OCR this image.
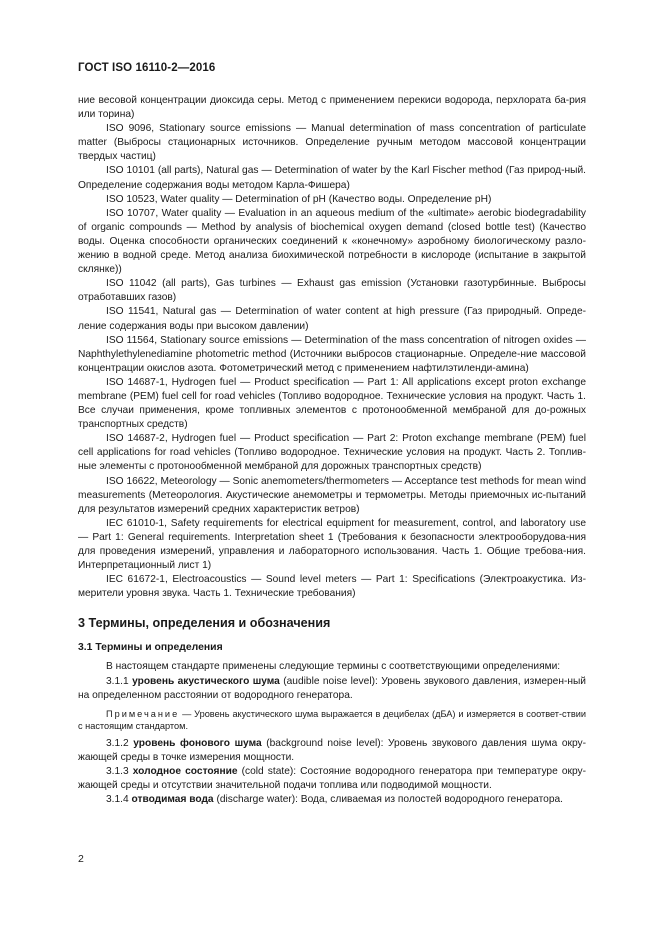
ГОСТ ISO 16110-2—2016

ние весовой концентрации диоксида серы. Метод с применением перекиси водорода, перхлората ба-рия или торина)

ISO 9096, Stationary source emissions — Manual determination of mass concentration of particulate matter (Выбросы стационарных источников. Определение ручным методом массовой концентрации твердых частиц)

ISO 10101 (all parts), Natural gas — Determination of water by the Karl Fischer method (Газ природ-ный. Определение содержания воды методом Карла-Фишера)

ISO 10523, Water quality — Determination of pH (Качество воды. Определение pH)

ISO 10707, Water quality — Evaluation in an aqueous medium of the «ultimate» aerobic biodegradability of organic compounds — Method by analysis of biochemical oxygen demand (closed bottle test) (Качество воды. Оценка способности органических соединений к «конечному» аэробному биологическому разло-жению в водной среде. Метод анализа биохимической потребности в кислороде (испытание в закрытой склянке))

ISO 11042 (all parts), Gas turbines — Exhaust gas emission (Установки газотурбинные. Выбросы отработавших газов)

ISO 11541, Natural gas — Determination of water content at high pressure (Газ природный. Опреде-ление содержания воды при высоком давлении)

ISO 11564, Stationary source emissions — Determination of the mass concentration of nitrogen oxides — Naphthylethylenediamine photometric method (Источники выбросов стационарные. Определе-ние массовой концентрации окислов азота. Фотометрический метод с применением нафтилэтиленди-амина)

ISO 14687-1, Hydrogen fuel — Product specification — Part 1: All applications except proton exchange membrane (PEM) fuel cell for road vehicles (Топливо водородное. Технические условия на продукт. Часть 1. Все случаи применения, кроме топливных элементов с протонообменной мембраной для до-рожных транспортных средств)

ISO 14687-2, Hydrogen fuel — Product specification — Part 2: Proton exchange membrane (PEM) fuel cell applications for road vehicles (Топливо водородное. Технические условия на продукт. Часть 2. Топлив-ные элементы с протонообменной мембраной для дорожных транспортных средств)

ISO 16622, Meteorology — Sonic anemometers/thermometers — Acceptance test methods for mean wind measurements (Метеорология. Акустические анемометры и термометры. Методы приемочных ис-пытаний для результатов измерений средних характеристик ветров)

IEC 61010-1, Safety requirements for electrical equipment for measurement, control, and laboratory use — Part 1: General requirements. Interpretation sheet 1 (Требования к безопасности электрооборудова-ния для проведения измерений, управления и лабораторного использования. Часть 1. Общие требова-ния. Интерпретационный лист 1)

IEC 61672-1, Electroacoustics — Sound level meters — Part 1: Specifications (Электроакустика. Из-мерители уровня звука. Часть 1. Технические требования)

3 Термины, определения и обозначения

3.1 Термины и определения

В настоящем стандарте применены следующие термины с соответствующими определениями:

3.1.1 уровень акустического шума (audible noise level): Уровень звукового давления, измерен-ный на определенном расстоянии от водородного генератора.

Примечание — Уровень акустического шума выражается в децибелах (дБА) и измеряется в соответ-ствии с настоящим стандартом.

3.1.2 уровень фонового шума (background noise level): Уровень звукового давления шума окру-жающей среды в точке измерения мощности.

3.1.3 холодное состояние (cold state): Состояние водородного генератора при температуре окру-жающей среды и отсутствии значительной подачи топлива или подводимой мощности.

3.1.4 отводимая вода (discharge water): Вода, сливаемая из полостей водородного генератора.

2
